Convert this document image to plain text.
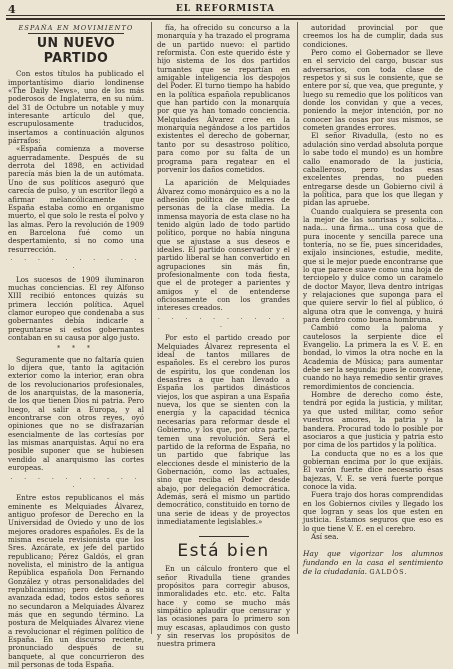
4	EL REFORMISTA
ESPAÑA EN MOVIMIENTO
UN NUEVO PARTIDO

Con estos títulos ha publicado el importantísimo diario londinense «The Daily News», uno de los más poderosos de Inglaterra, en su núm. del 31 de Octubre un notable y muy interesante artículo del que, escrupulosamente traducidos, insertamos a continuación algunos párrafos:

«España comienza a moverse aguerradamente. Después de su derrota del 1898, en actividad parecía más bien la de un autómata. Uno de sus políticos aseguró que carecía de pulso, y un escritor llegó a afirmar melancólicamente que España estaba como en organismo muerto, el que solo le resta el polvo y las almas. Pero la revolución de 1909 en Barcelona fué como un despertamiento, si no como una resurrección.

· · · · · · · · · · ·

Los sucesos de 1909 iluminaron muchas conciencias. El rey Alfonso XIII recibió entonces quizás su primera lección política. Aquel clamor europeo que condenaba a sus gobernantes debía indicarle a preguntarse si estos gobernantes contaban en su causa por algo justo.

* * *

Seguramente que no faltaría quien lo dijera que, tanto la agitación exterior como la interior, eran obra de los revolucionarios profesionales, de los anarquistas, de la masonería, de los que tienen Dios ni patria. Pero luego, al salir a Europa, y al encontrarse con otros reyes, oyó opiniones que no se disfrazarían esencialmente de las cortesías por las mismas anarquistas. Aquí no era posible suponer que se hubiesen vendido al anarquismo las cortes europeas.

· · · · · · · · · · ·

Entre estos republicanos el más eminente es Melquiades Álvarez, antiguo profesor de Derecho en la Universidad de Oviedo y uno de los mejores oradores españoles. Es de la misma escuela revisionista que los Sres. Azcárate, ex jefe del partido republicano; Pérez Galdós, el gran novelista, el ministro de la antigua República española Don Fernando González y otras personalidades del republicanismo; pero debido a su avanzada edad, todos estos señores no secundaron a Melquiades Álvarez más que en segundo término. La postura de Melquiades Álvarez viene a revolucionar el régimen político de España. En un discurso reciente, pronunciado después de su banquete, al que concurrieron des mil personas de toda España.

fía, ha ofrecido su concurso a la monarquía y ha trazado el programa de un partido nuevo: el partido reformista. Con este querido éste y hijo sistema de los dos partidos turnantes que se repartían en amigable inteligencia los despojos del Poder. El turno tiempo ha habido en la política española republicanos que han partido con la monarquía por que ya han tomado conciencia. Melquiades Álvarez cree en la monarquía negándose a los partidos existentes el derecho de gobernar, tanto por su desastroso político, para como por su falta de un programa para regatear en el porvenir los daños cometidos.

La aparición de Melquiades Álvarez como monárquico es a no la adhesión política de millares de personas de la clase media. La inmensa mayoría de esta clase no ha tenido algún lado de todo partido político, porque no había ninguna que se ajustase a sus deseos e ideales. El partido conservador y el partido liberal se han convertido en agrupaciones sin más fin, profesionalmente con toda fiesta, que el de proteger a parientes y amigos y el de entenderse oficiosamente con los grandes intereses creados.

· · · · · · · · · · ·

Por esto el partido creado por Melquiades Álvarez representa el ideal de tantos millares de españoles. Es el cerebro los puros de espíritu, los que condenan los desastres a que han llevado a España los partidos dinásticos viejos, los que aspiran a una España nueva, los que se sienten con la energía y la capacidad técnica necesarias para reformar desde el Gobierno, y los que, por otra parte, temen una revolución. Será el partido de la reforma de España, no un partido que fabrique las elecciones desde el ministerio de la Gobernación, como las actuales, sino que reciba el Poder desde abajo, por delegación democrática. Además, será el mismo un partido democrático, constituido en torno de una serie de ideas y de proyectos inmediatamente legislables.»

Está bien

En un cálculo frontero que el señor Rivadulla tiene grandes propósitos para corregir abusos, inmoralidades etc. etc. etc. Falta hace y como se mucho más simpático aplaudir que censurar y las ocasiones para lo primero son muy escasas, aplaudimos con gusto y sin reservas los propósitos de nuestra primera

autoridad provincial por que creemos los ha de cumplir, dada sus condiciones.

Pero como el Gobernador se lleve en el servicio del cargo, buscar sus adversarios, con toda clase de respetos y si sus le consiente, que se entere por sí, que vea, que pregunte, y luego su remedio que los políticos van donde los convidan y que a veces, poniendo la mejor intención, por no conocer las cosas por sus mismos, se cometen grandes errores.

El señor Rivadulla, (esto no es adulación sino verdad absoluta porque lo sabe todo el mundo) es un hombre callo enamorado de la justicia, caballeroso, pero todas esas excelentes prendas, no pueden entregarse desde un Gobierno civil á la política, para que los que llegan y pidan las apruebe.

Cuando cualquiera se presenta con la mejor de las sonrisas y solicita... nada... una firma... una cosa que de pura inocente y sencilla parece una tontería, no se fíe, pues sinceridades, exíjalo insinciones, estudie, medite, que si le mejor puede encontrarse que lo que parece suave como una hoja de terciopelo y dulce como un caramelo de doctor Mayor, lleva dentro intrigas y relajaciones que suponga para el que quiere servir lo fiel al público, ó alguna otra que le convenga, y huirá para dentro como buena hombruna.

Cambió como la paloma y cautelosos la serpiente dice el Evangelio. La primera la es V. E. en bondad, lo vimos la otra noche en la Academia de Música; para aumentar debe ser la segunda: pues le conviene, cuando no haya remedio sentir graves remordimientos de conciencia.

Hombre de derecho como éste, tendrá por egida la justicia, y militar, ya que usted militar, como señor vuestros amores, la patria y la bandera. Procurad todo lo posible por asociaros a que justicia y patria esto por cima de los partidos y la política.

La conducta que no es a los que gobiernan encima por lo que exijáis. El varón fuerte dice necesario ésas bajezas, V. E. se verá fuerte porque conoce la vida.

Fuera trajo dos horas comprendidas en los Gobiernos civiles y llegado los que logran y seas los que esten en justicia. Estamos seguros que eso es lo que tiene V. E. en el cerebro.

Así sea.

Hay que vigorizar los alumnos fundando en la casa el sentimiento de la ciudadanía. GALDÓS.
